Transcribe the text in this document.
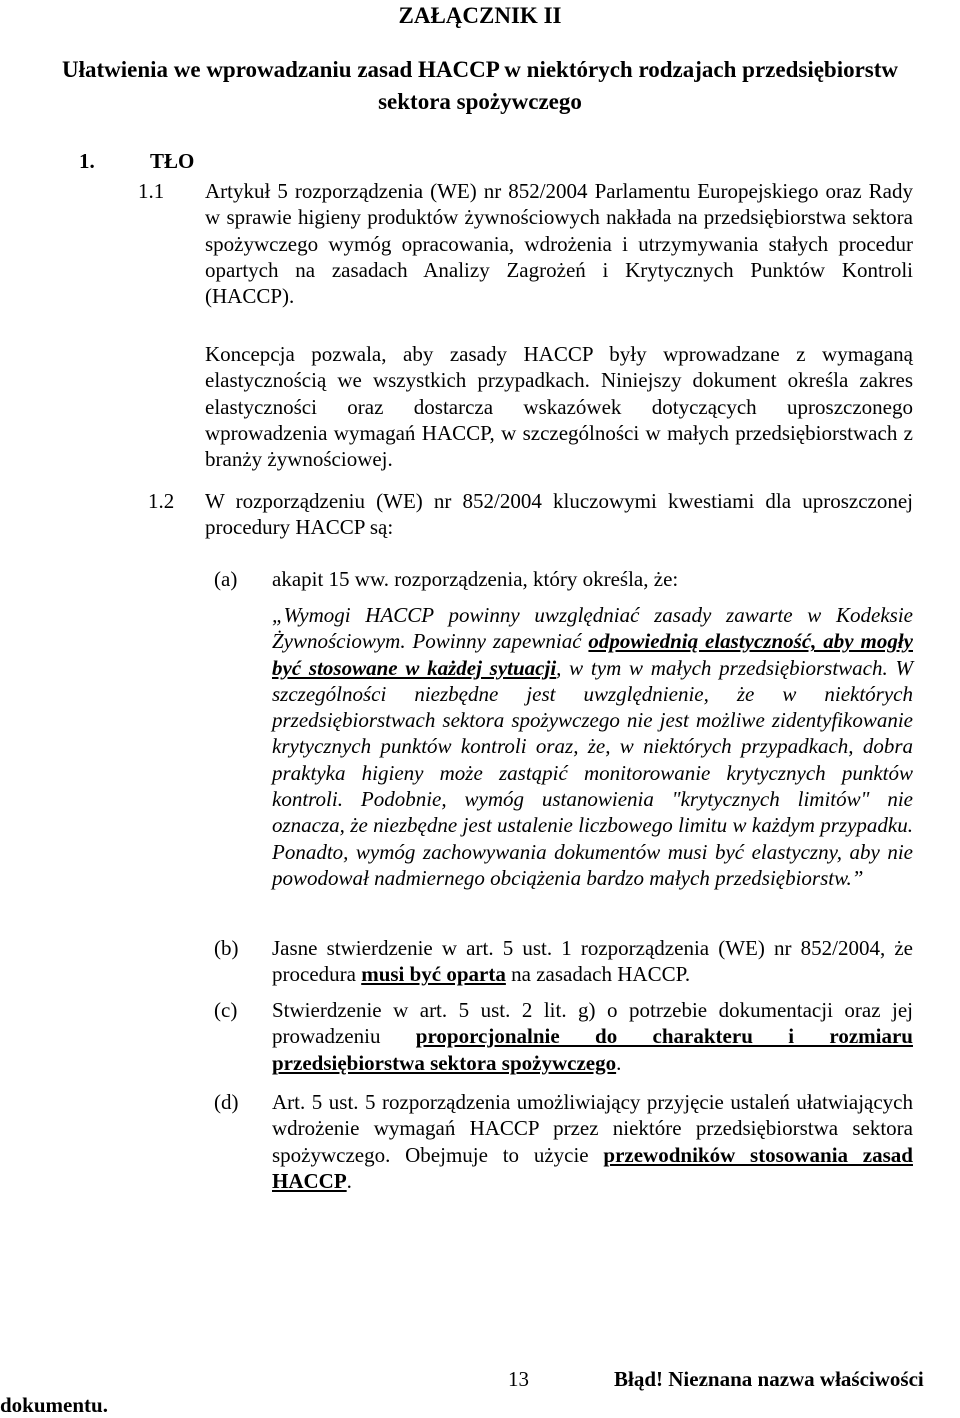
ZAŁĄCZNIK II
Ułatwienia we wprowadzaniu zasad HACCP w niektórych rodzajach przedsiębiorstw sektora spożywczego
1.	TŁO
1.1 Artykuł 5 rozporządzenia (WE) nr 852/2004 Parlamentu Europejskiego oraz Rady w sprawie higieny produktów żywnościowych nakłada na przedsiębiorstwa sektora spożywczego wymóg opracowania, wdrożenia i utrzymywania stałych procedur opartych na zasadach Analizy Zagrożeń i Krytycznych Punktów Kontroli (HACCP).

Koncepcja pozwala, aby zasady HACCP były wprowadzane z wymaganą elastycznością we wszystkich przypadkach. Niniejszy dokument określa zakres elastyczności oraz dostarcza wskazówek dotyczących uproszczonego wprowadzenia wymagań HACCP, w szczególności w małych przedsiębiorstwach z branży żywnościowej.

1.2 W rozporządzeniu (WE) nr 852/2004 kluczowymi kwestiami dla uproszczonej procedury HACCP są:

(a) akapit 15 ww. rozporządzenia, który określa, że:

„Wymogi HACCP powinny uwzględniać zasady zawarte w Kodeksie Żywnościowym. Powinny zapewniać odpowiednią elastyczność, aby mogły być stosowane w każdej sytuacji, w tym w małych przedsiębiorstwach. W szczególności niezbędne jest uwzględnienie, że w niektórych przedsiębiorstwach sektora spożywczego nie jest możliwe zidentyfikowanie krytycznych punktów kontroli oraz, że, w niektórych przypadkach, dobra praktyka higieny może zastąpić monitorowanie krytycznych punktów kontroli. Podobnie, wymóg ustanowienia "krytycznych limitów" nie oznacza, że niezbędne jest ustalenie liczbowego limitu w każdym przypadku. Ponadto, wymóg zachowywania dokumentów musi być elastyczny, aby nie powodował nadmiernego obciążenia bardzo małych przedsiębiorstw.”

(b) Jasne stwierdzenie w art. 5 ust. 1 rozporządzenia (WE) nr 852/2004, że procedura musi być oparta na zasadach HACCP.

(c) Stwierdzenie w art. 5 ust. 2 lit. g) o potrzebie dokumentacji oraz jej prowadzeniu proporcjonalnie do charakteru i rozmiaru przedsiębiorstwa sektora spożywczego.

(d) Art. 5 ust. 5 rozporządzenia umożliwiający przyjęcie ustaleń ułatwiających wdrożenie wymagań HACCP przez niektóre przedsiębiorstwa sektora spożywczego. Obejmuje to użycie przewodników stosowania zasad HACCP.

13	Błąd! Nieznana nazwa właściwości
dokumentu.
